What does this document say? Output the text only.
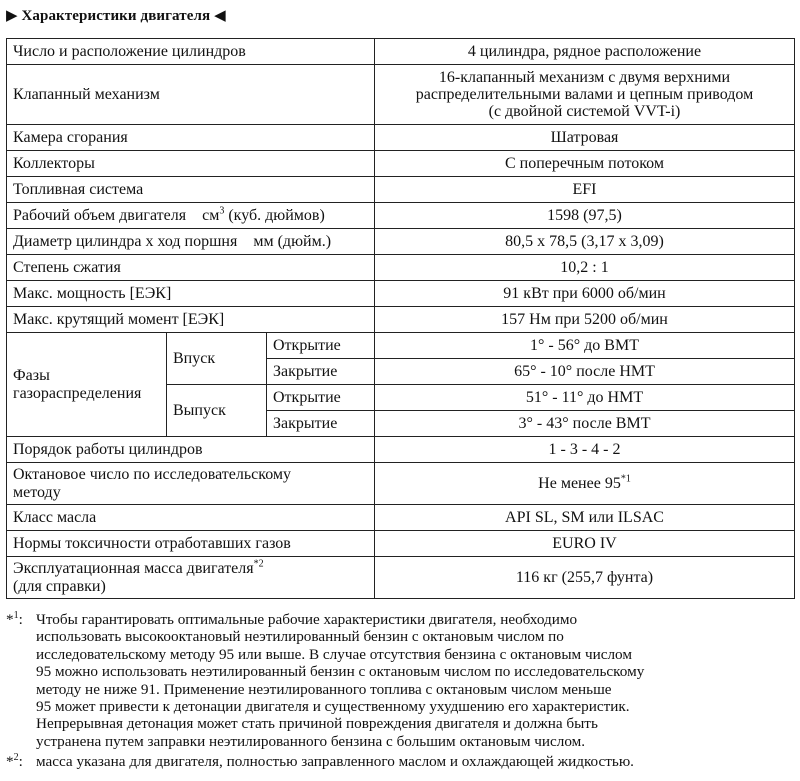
▶ Характеристики двигателя ◀
Число и расположение цилиндров			4 цилиндра, рядное расположение
Клапанный механизм			16-клапанный механизм с двумя верхними
распределительными валами и цепным приводом
(с двойной системой VVT-i)

Камера сгорания			Шатровая
Коллекторы			С поперечным потоком
Топливная система			EFI
Рабочий объем двигателя $см^3$ (куб. дюймов)			1598 (97,5)
Диаметр цилиндра x ход поршня мм (дюйм.)			80,5 x 78,5 (3,17 x 3,09)
Степень сжатия			10,2 : 1
Макс. мощность [ЕЭК]			91 кВт при 6000 об/мин
Макс. крутящий момент [ЕЭК]			157 Нм при 5200 об/мин

Фазы
газораспределения	Впуск	Открытие	1° - 56° до ВМТ
		Закрытие	65° - 10° после НМТ
	Выпуск	Открытие	51° - 11° до НМТ
		Закрытие	3° - 43° после ВМТ
Порядок работы цилиндров			1 - 3 - 4 - 2

Октановое число по исследовательскому
методу			Не менее 95$^{*1}$
Класс масла			API SL, SM или ILSAC
Нормы токсичности отработавших газов			EURO IV

Эксплуатационная масса двигателя$^{*2}$
(для справки)			116 кг (255,7 фунта)
*$^1$: Чтобы гарантировать оптимальные рабочие характеристики двигателя, необходимо
использовать высокооктановый неэтилированный бензин с октановым числом по
исследовательскому методу 95 или выше. В случае отсутствия бензина с октановым числом
95 можно использовать неэтилированный бензин с октановым числом по исследовательскому
методу не ниже 91. Применение неэтилированного топлива с октановым числом меньше
95 может привести к детонации двигателя и существенному ухудшению его характеристик.
Непрерывная детонация может стать причиной повреждения двигателя и должна быть
устранена путем заправки неэтилированного бензина с большим октановым числом.
*$^2$: масса указана для двигателя, полностью заправленного маслом и охлаждающей жидкостью.
